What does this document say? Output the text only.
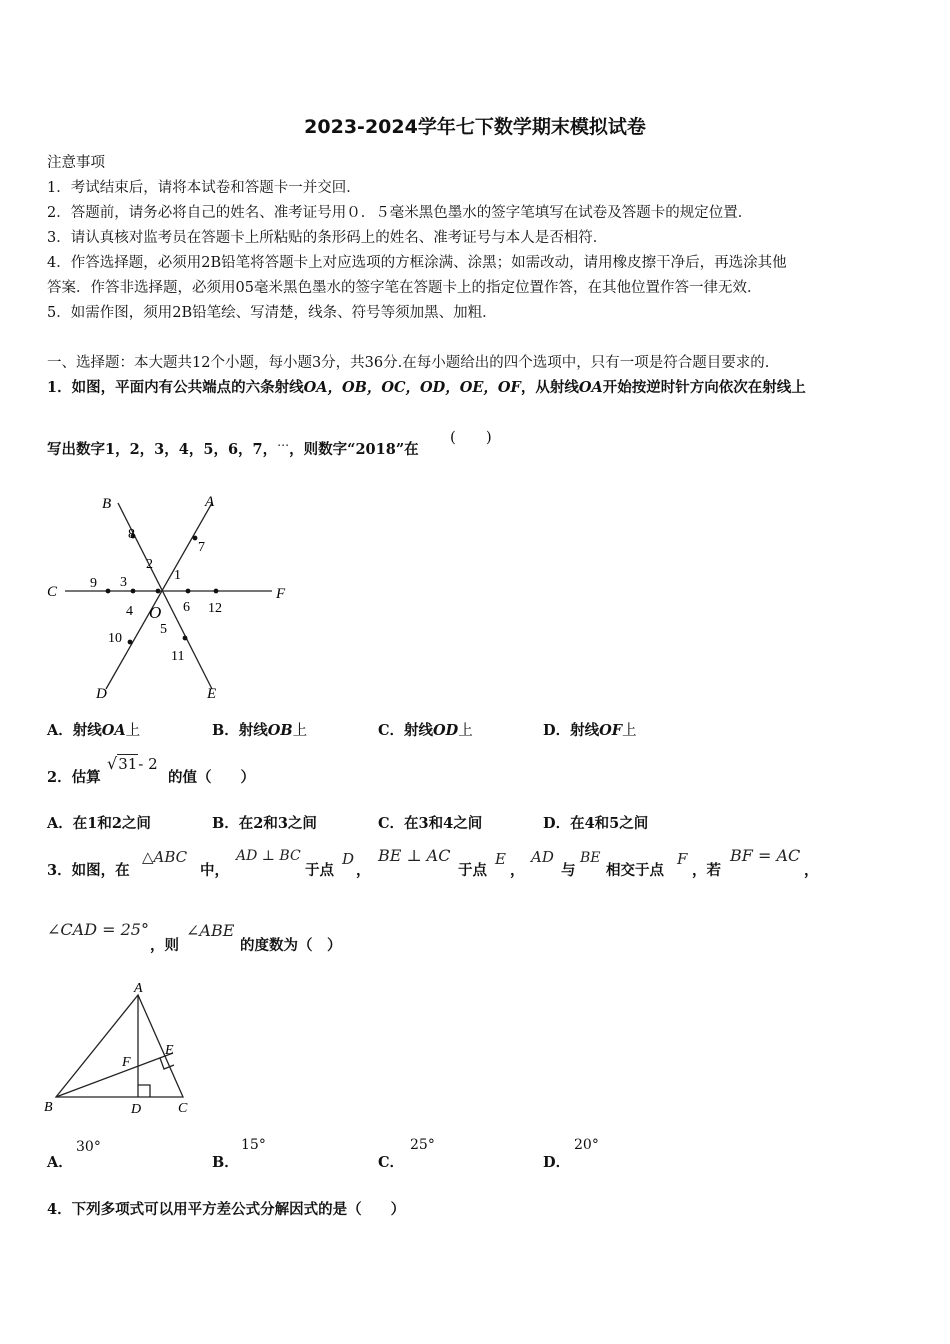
2023-2024学年七下数学期末模拟试卷
注意事项
1．考试结束后，请将本试卷和答题卡一并交回．
2．答题前，请务必将自己的姓名、准考证号用０．５毫米黑色墨水的签字笔填写在试卷及答题卡的规定位置．
3．请认真核对监考员在答题卡上所粘贴的条形码上的姓名、准考证号与本人是否相符．
4．作答选择题，必须用2B铅笔将答题卡上对应选项的方框涂满、涂黑；如需改动，请用橡皮擦干净后，再选涂其他
答案．作答非选择题，必须用05毫米黑色墨水的签字笔在答题卡上的指定位置作答，在其他位置作答一律无效．
5．如需作图，须用2B铅笔绘、写清楚，线条、符号等须加黑、加粗．
一、选择题：本大题共12个小题，每小题3分，共36分.在每小题给出的四个选项中，只有一项是符合题目要求的.
1．如图，平面内有公共端点的六条射线OA，OB，OC，OD，OE，OF，从射线OA开始按逆时针方向依次在射线上
写出数字1，2，3，4，5，6，7，…，则数字“2018”在
(　　)
A
B
C
D	E
F
O
1
2
3
4
5
6
7
8
9
10
11
12
A．射线OA上	B．射线OB上	C．射线OD上	D．射线OF上
2．估算
√31- 2
的值（　　）
A．在1和2之间	B．在2和3之间	C．在3和4之间	D．在4和5之间
3．如图，在
△ABC
中，
AD ⊥ BC
于点
D
，
BE ⊥ AC
于点
E
，
AD
与
BE
相交于点
F
，若
BF = AC
，
∠CAD = 25°
，则
∠ABE
的度数为（　）
A
B	C
D
E
F
A．
30°
B．
15°
C．
25°
D．
20°
4．下列多项式可以用平方差公式分解因式的是（　　）
